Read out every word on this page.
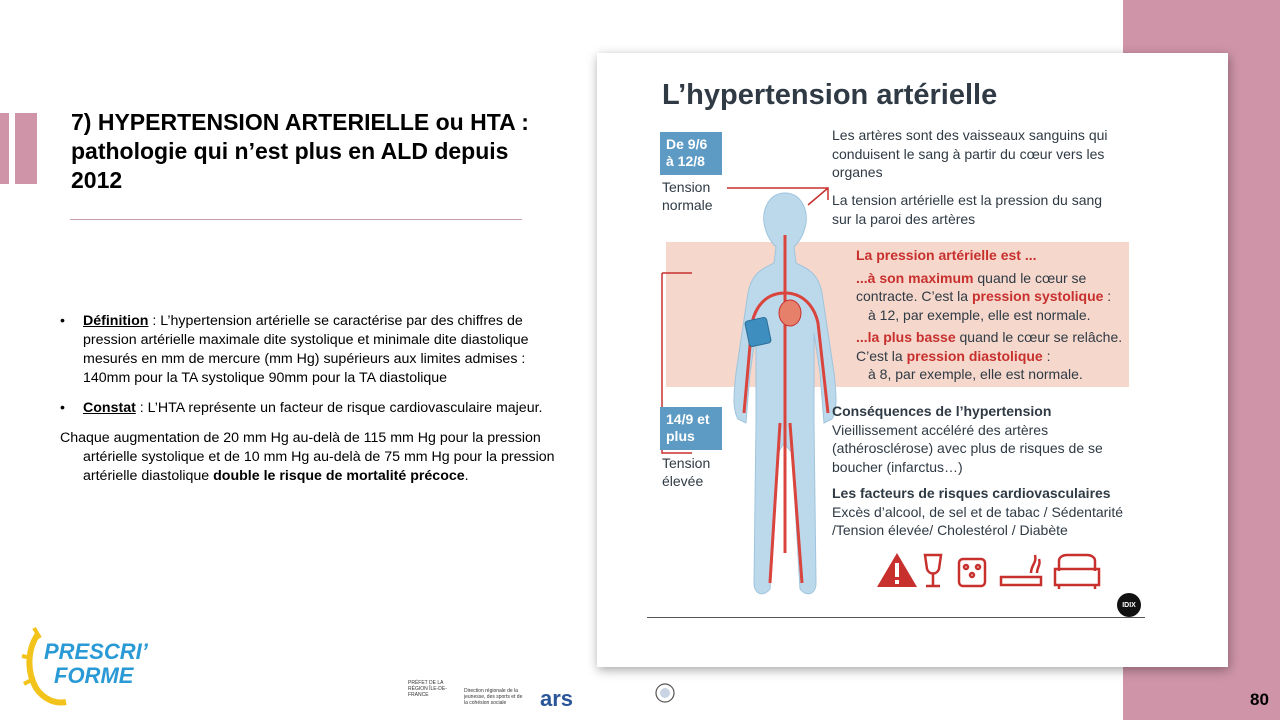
7) HYPERTENSION ARTERIELLE ou HTA : pathologie qui n’est plus en ALD depuis 2012
• Définition : L’hypertension artérielle se caractérise par des chiffres de pression artérielle maximale dite systolique et minimale dite diastolique mesurés en mm de mercure (mm Hg) supérieurs aux limites admises : 140mm pour la TA systolique 90mm pour la TA diastolique
• Constat : L’HTA représente un facteur de risque cardiovasculaire majeur.
Chaque augmentation de 20 mm Hg au-delà de 115 mm Hg pour la pression artérielle systolique et de 10 mm Hg au-delà de 75 mm Hg pour la pression artérielle diastolique double le risque de mortalité précoce.
L’hypertension artérielle
De 9/6 à 12/8
Tension normale
14/9 et plus
Tension élevée
Les artères sont des vaisseaux sanguins qui conduisent le sang à partir du cœur vers les organes
La tension artérielle est la pression du sang sur la paroi des artères
La pression artérielle est ...
...à son maximum quand le cœur se contracte. C’est la pression systolique :
à 12, par exemple, elle est normale.
...la plus basse quand le cœur se relâche. C’est la pression diastolique :
à 8, par exemple, elle est normale.
Conséquences de l’hypertension
Vieillissement accéléré des artères (athérosclérose) avec plus de risques de se boucher (infarctus…)
Les facteurs de risques cardiovasculaires
Excès d’alcool, de sel et de tabac / Sédentarité /Tension élevée/ Cholestérol / Diabète
IDIX
PRESCRI’
FORME	PRÉFET DE LA RÉGION ÎLE-DE-FRANCE
Direction régionale de la jeunesse, des sports et de la cohésion sociale	ars	80
